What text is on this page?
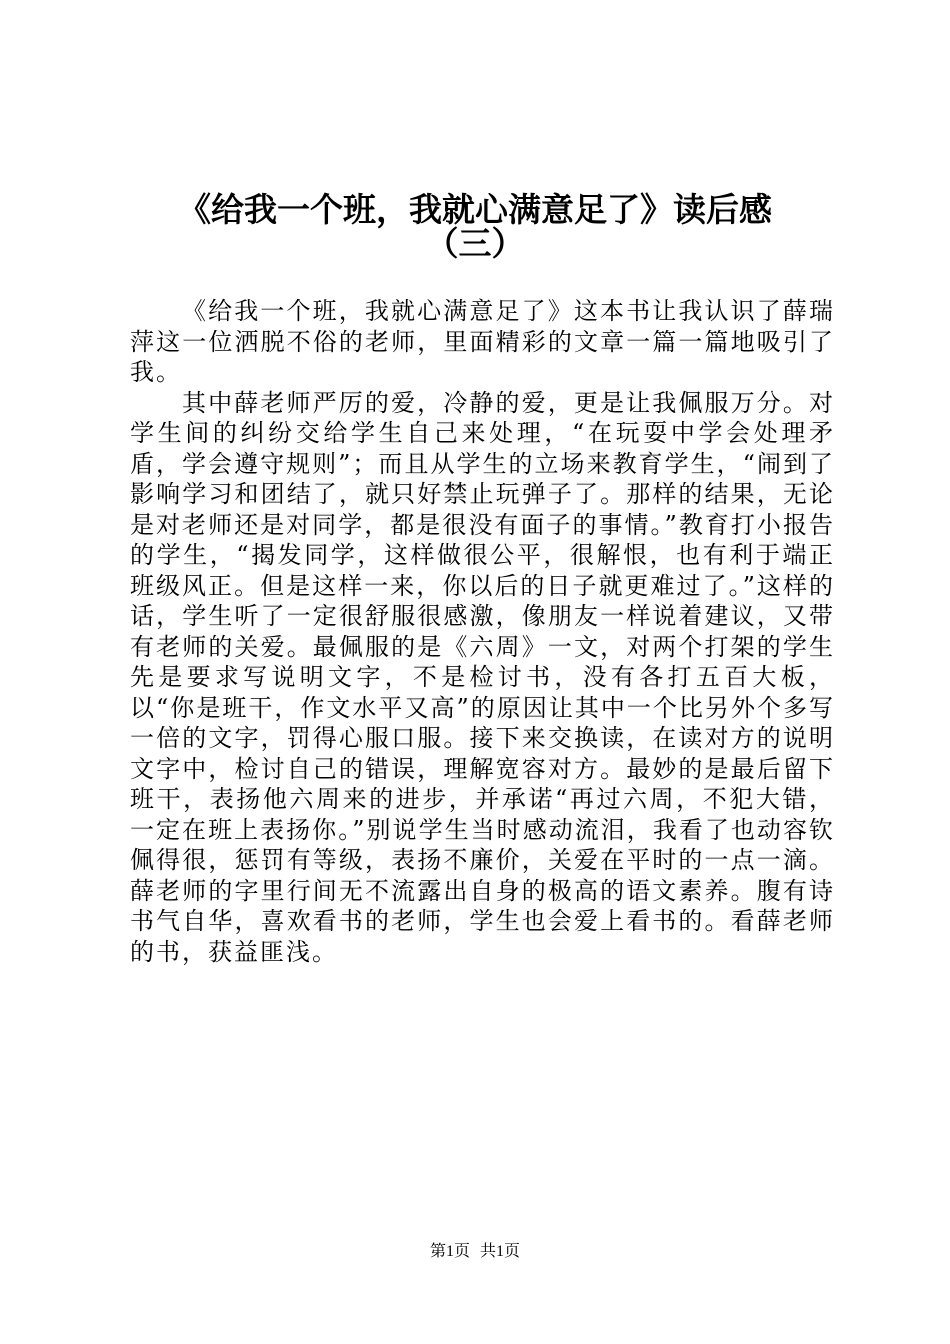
《给我一个班，我就心满意足了》读后感
（三）

《给我一个班，我就心满意足了》这本书让我认识了薛瑞萍这一位洒脱不俗的老师，里面精彩的文章一篇一篇地吸引了我。

其中薛老师严厉的爱，冷静的爱，更是让我佩服万分。对学生间的纠纷交给学生自己来处理，“在玩耍中学会处理矛盾，学会遵守规则”；而且从学生的立场来教育学生，“闹到了影响学习和团结了，就只好禁止玩弹子了。那样的结果，无论是对老师还是对同学，都是很没有面子的事情。”教育打小报告的学生，“揭发同学，这样做很公平，很解恨，也有利于端正班级风正。但是这样一来，你以后的日子就更难过了。”这样的话，学生听了一定很舒服很感激，像朋友一样说着建议，又带有老师的关爱。最佩服的是《六周》一文，对两个打架的学生先是要求写说明文字，不是检讨书，没有各打五百大板，以“你是班干，作文水平又高”的原因让其中一个比另外个多写一倍的文字，罚得心服口服。接下来交换读，在读对方的说明文字中，检讨自己的错误，理解宽容对方。最妙的是最后留下班干，表扬他六周来的进步，并承诺“再过六周，不犯大错，一定在班上表扬你。”别说学生当时感动流泪，我看了也动容钦佩得很，惩罚有等级，表扬不廉价，关爱在平时的一点一滴。薛老师的字里行间无不流露出自身的极高的语文素养。腹有诗书气自华，喜欢看书的老师，学生也会爱上看书的。看薛老师的书，获益匪浅。

第1页 共1页
